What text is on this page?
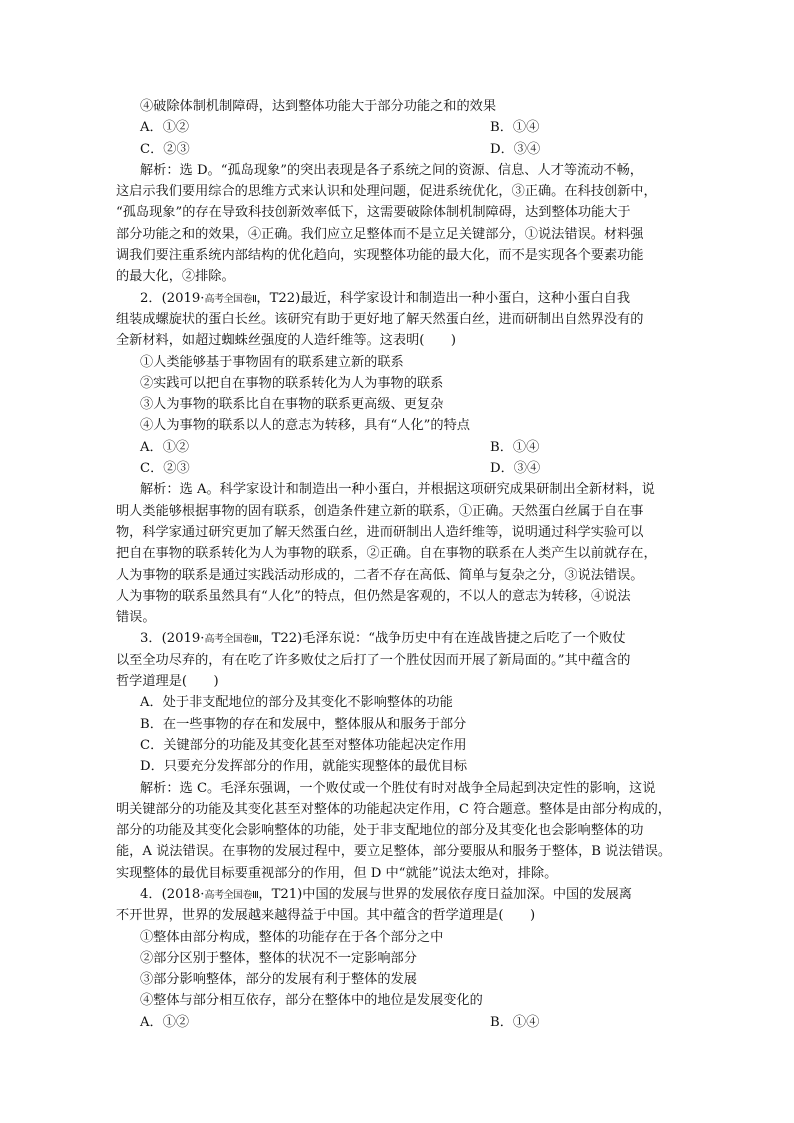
④破除体制机制障碍，达到整体功能大于部分功能之和的效果
A．①②	B．①④
C．②③	D．③④
解析：选 D。“孤岛现象”的突出表现是各子系统之间的资源、信息、人才等流动不畅，
这启示我们要用综合的思维方式来认识和处理问题，促进系统优化，③正确。在科技创新中，
“孤岛现象”的存在导致科技创新效率低下，这需要破除体制机制障碍，达到整体功能大于
部分功能之和的效果，④正确。我们应立足整体而不是立足关键部分，①说法错误。材料强
调我们要注重系统内部结构的优化趋向，实现整体功能的最大化，而不是实现各个要素功能
的最大化，②排除。
2．(2019·高考全国卷Ⅱ，T22)最近，科学家设计和制造出一种小蛋白，这种小蛋白自我
组装成螺旋状的蛋白长丝。该研究有助于更好地了解天然蛋白丝，进而研制出自然界没有的
全新材料，如超过蜘蛛丝强度的人造纤维等。这表明(　　)
①人类能够基于事物固有的联系建立新的联系
②实践可以把自在事物的联系转化为人为事物的联系
③人为事物的联系比自在事物的联系更高级、更复杂
④人为事物的联系以人的意志为转移，具有“人化”的特点
A．①②	B．①④
C．②③	D．③④
解析：选 A。科学家设计和制造出一种小蛋白，并根据这项研究成果研制出全新材料，说
明人类能够根据事物的固有联系，创造条件建立新的联系，①正确。天然蛋白丝属于自在事
物，科学家通过研究更加了解天然蛋白丝，进而研制出人造纤维等，说明通过科学实验可以
把自在事物的联系转化为人为事物的联系，②正确。自在事物的联系在人类产生以前就存在，
人为事物的联系是通过实践活动形成的，二者不存在高低、简单与复杂之分，③说法错误。
人为事物的联系虽然具有“人化”的特点，但仍然是客观的，不以人的意志为转移，④说法
错误。
3．(2019·高考全国卷Ⅲ，T22)毛泽东说：“战争历史中有在连战皆捷之后吃了一个败仗
以至全功尽弃的，有在吃了许多败仗之后打了一个胜仗因而开展了新局面的。”其中蕴含的
哲学道理是(　　)
A．处于非支配地位的部分及其变化不影响整体的功能
B．在一些事物的存在和发展中，整体服从和服务于部分
C．关键部分的功能及其变化甚至对整体功能起决定作用
D．只要充分发挥部分的作用，就能实现整体的最优目标
解析：选 C。毛泽东强调，一个败仗或一个胜仗有时对战争全局起到决定性的影响，这说
明关键部分的功能及其变化甚至对整体的功能起决定作用，C 符合题意。整体是由部分构成的，
部分的功能及其变化会影响整体的功能，处于非支配地位的部分及其变化也会影响整体的功
能，A 说法错误。在事物的发展过程中，要立足整体，部分要服从和服务于整体，B 说法错误。
实现整体的最优目标要重视部分的作用，但 D 中“就能”说法太绝对，排除。
4．(2018·高考全国卷Ⅲ，T21)中国的发展与世界的发展依存度日益加深。中国的发展离
不开世界，世界的发展越来越得益于中国。其中蕴含的哲学道理是(　　)
①整体由部分构成，整体的功能存在于各个部分之中
②部分区别于整体，整体的状况不一定影响部分
③部分影响整体，部分的发展有利于整体的发展
④整体与部分相互依存，部分在整体中的地位是发展变化的
A．①②	B．①④
